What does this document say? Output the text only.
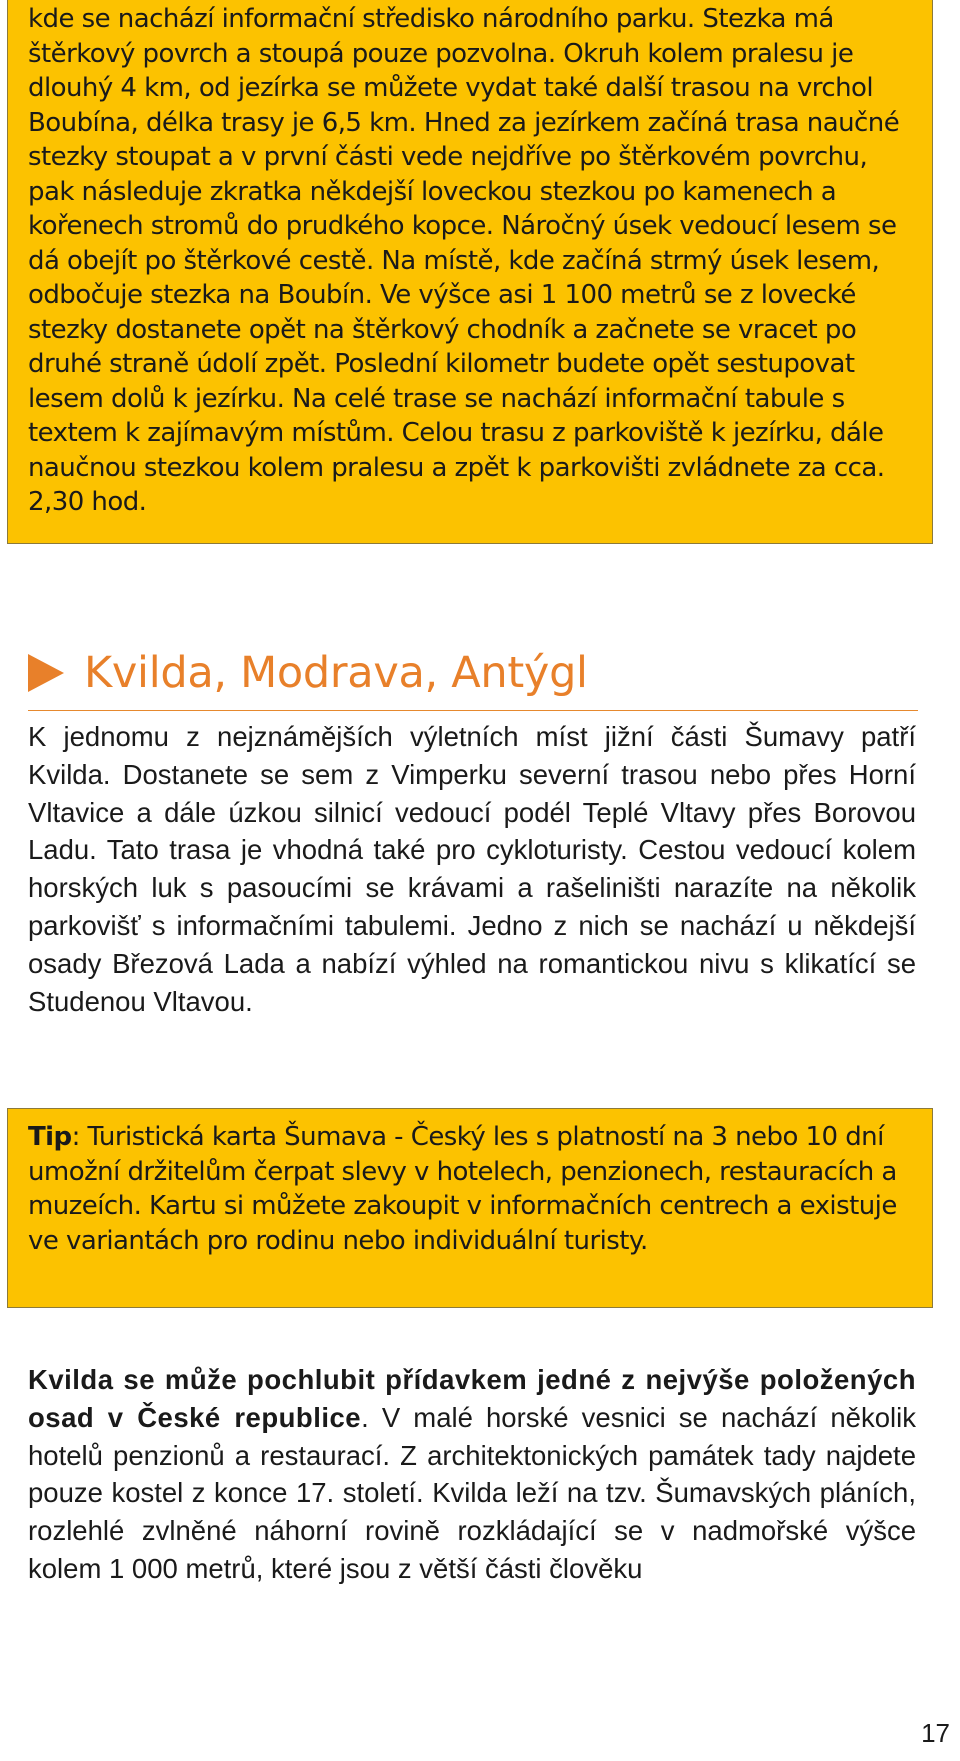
kde se nachází informační středisko národního parku. Stezka má štěrkový povrch a stoupá pouze pozvolna. Okruh kolem pralesu je dlouhý 4 km, od jezírka se můžete vydat také další trasou na vrchol Boubína, délka trasy je 6,5 km. Hned za jezírkem začíná trasa naučné stezky stoupat a v první části vede nejdříve po štěrkovém povrchu, pak následuje zkratka někdejší loveckou stezkou po kamenech a kořenech stromů do prudkého kopce. Náročný úsek vedoucí lesem se dá obejít po štěrkové cestě. Na místě, kde začíná strmý úsek lesem, odbočuje stezka na Boubín. Ve výšce asi 1 100 metrů se z lovecké stezky dostanete opět na štěrkový chodník a začnete se vracet po druhé straně údolí zpět. Poslední kilometr budete opět sestupovat lesem dolů k jezírku. Na celé trase se nachází informační tabule s textem k zajímavým místům. Celou trasu z parkoviště k jezírku, dále naučnou stezkou kolem pralesu a zpět k parkovišti zvládnete za cca. 2,30 hod.

Kvilda, Modrava, Antýgl

K jednomu z nejznámějších výletních míst jižní části Šumavy patří Kvilda. Dostanete se sem z Vimperku severní trasou nebo přes Horní Vltavice a dále úzkou silnicí vedoucí podél Teplé Vltavy přes Borovou Ladu. Tato trasa je vhodná také pro cykloturisty. Cestou vedoucí kolem horských luk s pasoucími se krávami a rašeliništi narazíte na několik parkovišť s informačními tabulemi. Jedno z nich se nachází u někdejší osady Březová Lada a nabízí výhled na romantickou nivu s klikatící se Studenou Vltavou.

Tip: Turistická karta Šumava - Český les s platností na 3 nebo 10 dní umožní držitelům čerpat slevy v hotelech, penzionech, restauracích a muzeích. Kartu si můžete zakoupit v informačních centrech a existuje ve variantách pro rodinu nebo individuální turisty.

Kvilda se může pochlubit přídavkem jedné z nejvýše položených osad v České republice. V malé horské vesnici se nachází několik hotelů penzionů a restaurací. Z architektonických památek tady najdete pouze kostel z konce 17. století. Kvilda leží na tzv. Šumavských pláních, rozlehlé zvlněné náhorní rovině rozkládající se v nadmořské výšce kolem 1 000 metrů, které jsou z větší části člověku

17
